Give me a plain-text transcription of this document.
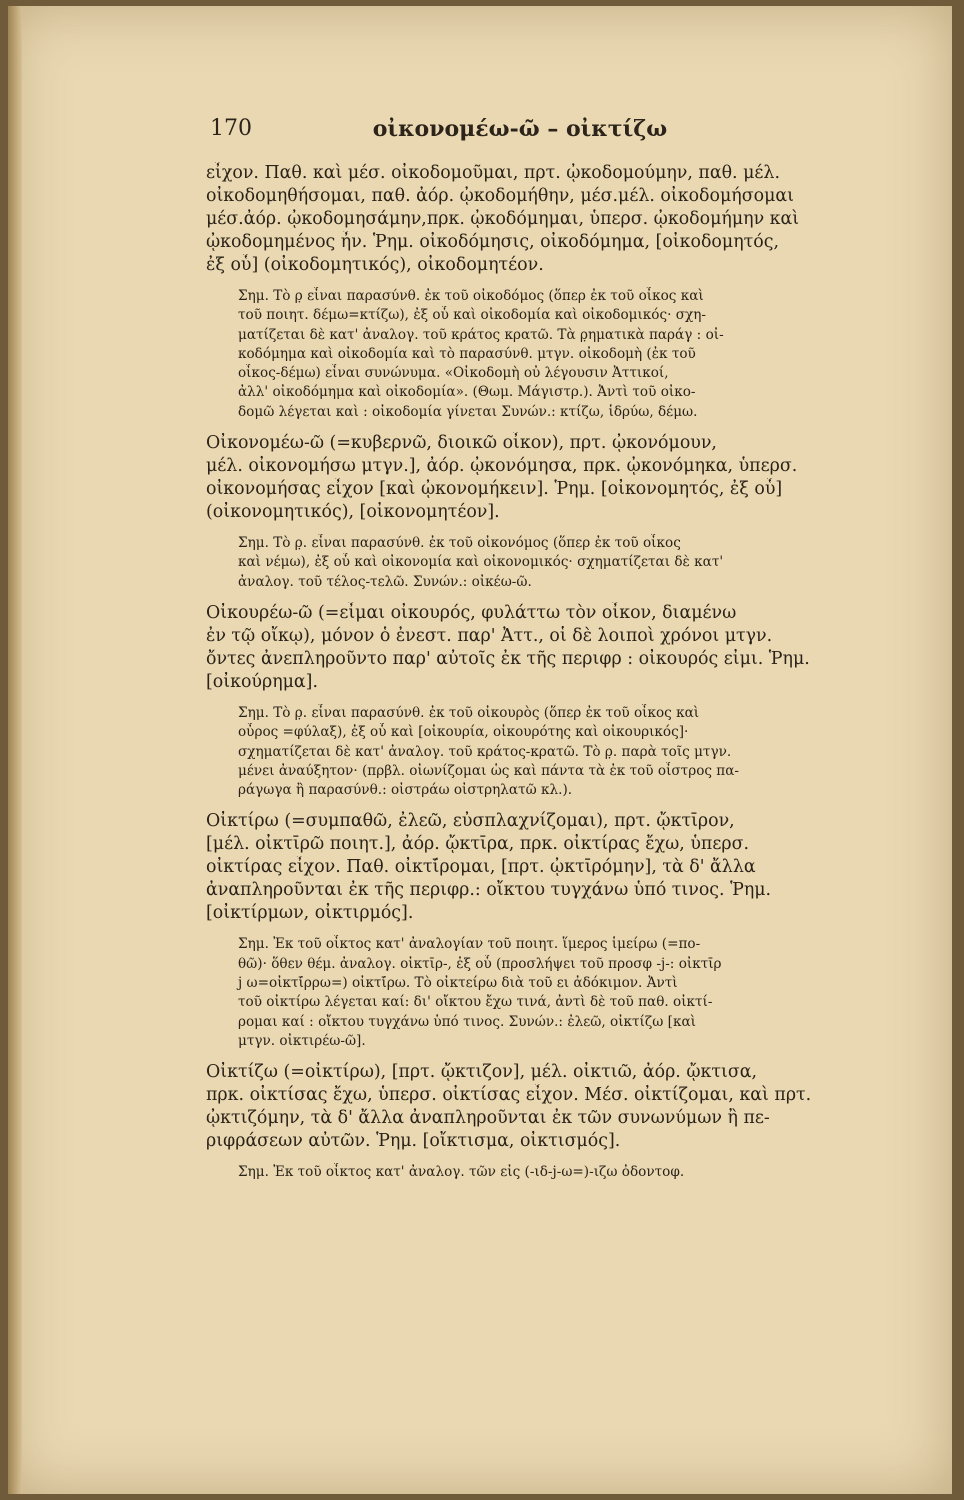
170	οἰκονομέω-ῶ – οἰκτίζω
εἶχον. Παθ. καὶ μέσ. οἰκοδομοῦμαι, πρτ. ᾠκοδομούμην, παθ. μέλ.
οἰκοδομηθήσομαι, παθ. ἀόρ. ᾠκοδομήθην, μέσ.μέλ. οἰκοδομήσομαι
μέσ.ἀόρ. ᾠκοδομησάμην,πρκ. ᾠκοδόμημαι, ὑπερσ. ᾠκοδομήμην καὶ
ᾠκοδομημένος ἦν. Ῥημ. οἰκοδόμησις, οἰκοδόμημα, [οἰκοδομητός,
ἐξ οὗ] (οἰκοδομητικός), οἰκοδομητέον.
Σημ. Τὸ ρ̣ εἶναι παρασύνθ. ἐκ τοῦ οἰκοδόμος (ὅπερ ἐκ τοῦ οἶκος καὶ
τοῦ ποιητ. δέμω=κτίζω), ἐξ οὗ καὶ οἰκοδομία καὶ οἰκοδομικός· σχη-
ματίζεται δὲ κατ' ἀναλογ. τοῦ κράτος κρατῶ. Τὰ ρ̣ηματικὰ παράγ : οἰ-
κοδόμημα καὶ οἰκοδομία καὶ τὸ παρασύνθ. μτγν. οἰκοδομὴ (ἐκ τοῦ
οἶκος-δέμω) εἶναι συνώνυμα. «Οἰκοδομὴ οὐ λέγουσιν Ἀττικοί,
ἀλλ' οἰκοδόμημα καὶ οἰκοδομία». (Θωμ. Μάγιστρ.). Ἀντὶ τοῦ οἰκο-
δομῶ λέγεται καὶ : οἰκοδομία γίνεται Συνών.: κτίζω, ἱδρύω, δέμω.
Οἰκονομέω-ῶ (=κυβερνῶ, διοικῶ οἶκον), πρτ. ᾠκονόμουν,
μέλ. οἰκονομήσω μτγν.], ἀόρ. ᾠκονόμησα, πρκ. ᾠκονόμηκα, ὑπερσ.
οἰκονομήσας εἶχον [καὶ ᾠκονομήκειν]. Ῥημ. [οἰκονομητός, ἐξ οὗ]
(οἰκονομητικός), [οἰκονομητέον].
Σημ. Τὸ ρ̣. εἶναι παρασύνθ. ἐκ τοῦ οἰκονόμος (ὅπερ ἐκ τοῦ οἶκος
καὶ νέμω), ἐξ οὗ καὶ οἰκονομία καὶ οἰκονομικός· σχηματίζεται δὲ κατ'
ἀναλογ. τοῦ τέλος-τελῶ. Συνών.: οἰκέω-ῶ.
Οἰκουρέω-ῶ (=εἶμαι οἰκουρός, φυλάττω τὸν οἶκον, διαμένω
ἐν τῷ οἴκῳ), μόνον ὁ ἐνεστ. παρ' Ἀττ., οἱ δὲ λοιποὶ χρόνοι μτγν.
ὄντες ἀνεπληροῦντο παρ' αὐτοῖς ἐκ τῆς περιφρ : οἰκουρός εἰμι. Ῥημ.
[οἰκούρημα].
Σημ. Τὸ ρ̣. εἶναι παρασύνθ. ἐκ τοῦ οἰκουρὸς (ὅπερ ἐκ τοῦ οἶκος καὶ
οὖρος =φύλαξ), ἐξ οὗ καὶ [οἰκουρία, οἰκουρότης καὶ οἰκουρικός]·
σχηματίζεται δὲ κατ' ἀναλογ. τοῦ κράτος-κρατῶ. Τὸ ρ̣. παρὰ τοῖς μτγν.
μένει ἀναύξητον· (πρβλ. οἰωνίζομαι ὡς καὶ πάντα τὰ ἐκ τοῦ οἶστρος πα-
ράγωγα ἢ παρασύνθ.: οἰστράω οἰστρηλατῶ κλ.).
Οἰκτίρω (=συμπαθῶ, ἐλεῶ, εὐσπλαχνίζομαι), πρτ. ᾤκτῑρον,
[μέλ. οἰκτῑρῶ ποιητ.], ἀόρ. ᾤκτῑρα, πρκ. οἰκτίρας ἔχω, ὑπερσ.
οἰκτίρας εἶχον. Παθ. οἰκτῑ́ρομαι, [πρτ. ᾠκτῑρόμην], τὰ δ' ἄλλα
ἀναπληροῦνται ἐκ τῆς περιφρ.: οἴκτου τυγχάνω ὑπό τινος. Ῥημ.
[οἰκτίρμων, οἰκτιρμός].
Σημ. Ἐκ τοῦ οἶκτος κατ' ἀναλογίαν τοῦ ποιητ. ἵμερος ἱμείρω (=πο-
θῶ)· ὅθεν θέμ. ἀναλογ. οἰκτῑρ-, ἐξ οὗ (προσλήψει τοῦ προσφ -j-: οἰκτῑρ
j ω=οἰκτῑ́ρρω=) οἰκτῑ́ρω. Τὸ οἰκτείρω διὰ τοῦ ει ἀδόκιμον. Ἀντὶ
τοῦ οἰκτίρω λέγεται καί: δι' οἴκτου ἔχω τινά, ἀντὶ δὲ τοῦ παθ. οἰκτί-
ρομαι καί : οἴκτου τυγχάνω ὑπό τινος. Συνών.: ἐλεῶ, οἰκτίζω [καὶ
μτγν. οἰκτιρέω-ῶ].
Οἰκτίζω (=οἰκτίρω), [πρτ. ᾤκτιζον], μέλ. οἰκτιῶ, ἀόρ. ᾤκτισα,
πρκ. οἰκτίσας ἔχω, ὑπερσ. οἰκτίσας εἶχον. Μέσ. οἰκτίζομαι, καὶ πρτ.
ᾠκτιζόμην, τὰ δ' ἄλλα ἀναπληροῦνται ἐκ τῶν συνωνύμων ἢ πε-
ριφράσεων αὐτῶν. Ῥημ. [οἴκτισμα, οἰκτισμός].
Σημ. Ἐκ τοῦ οἶκτος κατ' ἀναλογ. τῶν εἰς (-ιδ-j-ω=)-ιζω ὀδοντοφ.
